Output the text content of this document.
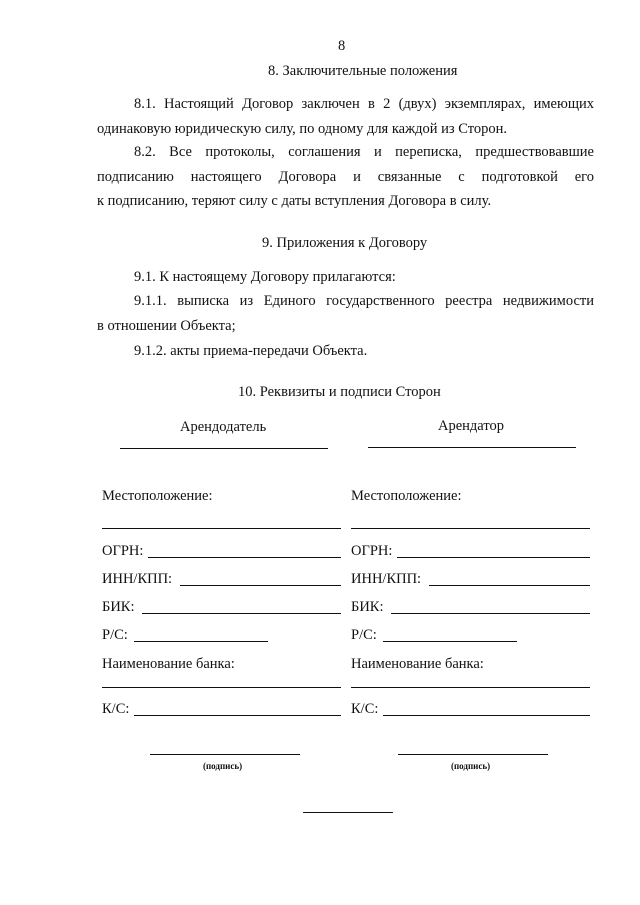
8
8. Заключительные положения
8.1. Настоящий Договор заключен в 2 (двух) экземплярах, имеющих
одинаковую юридическую силу, по одному для каждой из Сторон.
8.2. Все протоколы, соглашения и переписка, предшествовавшие
подписанию настоящего Договора и связанные с подготовкой его
к подписанию, теряют силу с даты вступления Договора в силу.
9. Приложения к Договору
9.1. К настоящему Договору прилагаются:
9.1.1. выписка из Единого государственного реестра недвижимости
в отношении Объекта;
9.1.2. акты приема-передачи Объекта.
10. Реквизиты и подписи Сторон
Арендодатель	Арендатор
Местоположение:
ОГРН:
ИНН/КПП:
БИК:
Р/С:
Наименование банка:
К/С:
(подпись)
Местоположение:
ОГРН:
ИНН/КПП:
БИК:
Р/С:
Наименование банка:
К/С:
(подпись)
